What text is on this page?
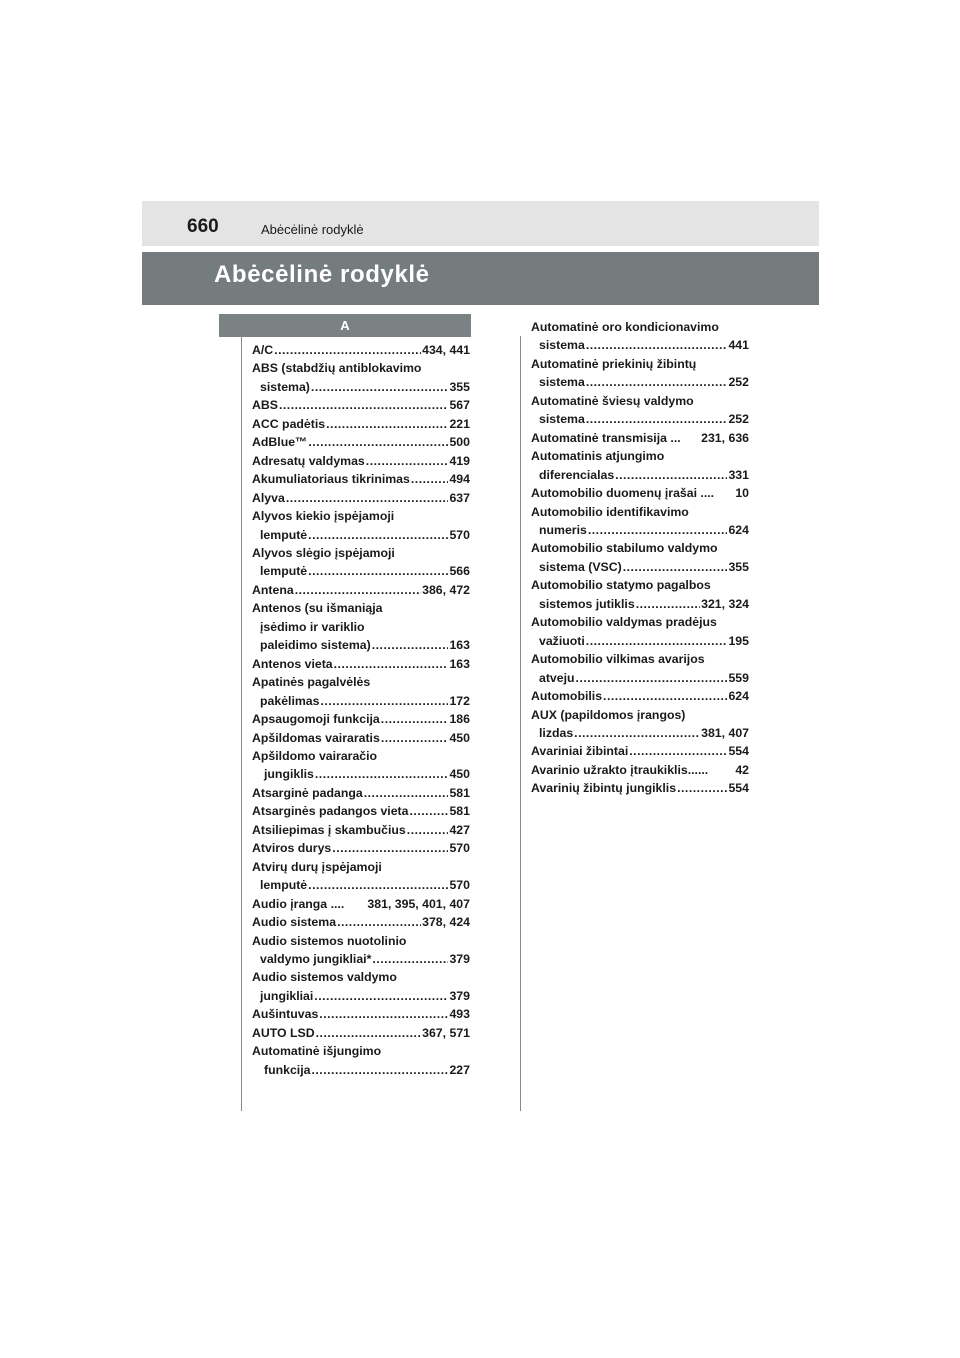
660	Abėcėlinė rodyklė
Abėcėlinė rodyklė
A
A/C .....	434, 441
ABS (stabdžių antiblokavimo
sistema) .....	355
ABS .....	567
ACC padėtis .....	221
AdBlue™ .....	500
Adresatų valdymas .....	419
Akumuliatoriaus tikrinimas .....	494
Alyva .....	637
Alyvos kiekio įspėjamoji
lemputė .....	570
Alyvos slėgio įspėjamoji
lemputė .....	566
Antena .....	386, 472
Antenos (su išmaniąja
įsėdimo ir variklio
paleidimo sistema) .....	163
Antenos vieta .....	163
Apatinės pagalvėlės
pakėlimas .....	172
Apsaugomoji funkcija .....	186
Apšildomas vairaratis .....	450
Apšildomo vairaračio
jungiklis .....	450
Atsarginė padanga .....	581
Atsarginės padangos vieta .....	581
Atsiliepimas į skambučius .....	427
Atviros durys .....	570
Atvirų durų įspėjamoji
lemputė .....	570
Audio įranga .... 381, 395, 401, 407
Audio sistema .....	378, 424
Audio sistemos nuotolinio
valdymo jungikliai* .....	379
Audio sistemos valdymo
jungikliai .....	379
Aušintuvas .....	493
AUTO LSD .....	367, 571
Automatinė išjungimo
funkcija .....	227
Automatinė oro kondicionavimo
sistema .....	441
Automatinė priekinių žibintų
sistema .....	252
Automatinė šviesų valdymo
sistema .....	252
Automatinė transmisija ... 231, 636
Automatinis atjungimo
diferencialas .....	331
Automobilio duomenų įrašai .... 10
Automobilio identifikavimo
numeris .....	624
Automobilio stabilumo valdymo
sistema (VSC) .....	355
Automobilio statymo pagalbos
sistemos jutiklis .....	321, 324
Automobilio valdymas pradėjus
važiuoti .....	195
Automobilio vilkimas avarijos
atveju .....	559
Automobilis .....	624
AUX (papildomos įrangos)
lizdas .....	381, 407
Avariniai žibintai .....	554
Avarinio užrakto įtraukiklis...... 42
Avarinių žibintų jungiklis .....	554
